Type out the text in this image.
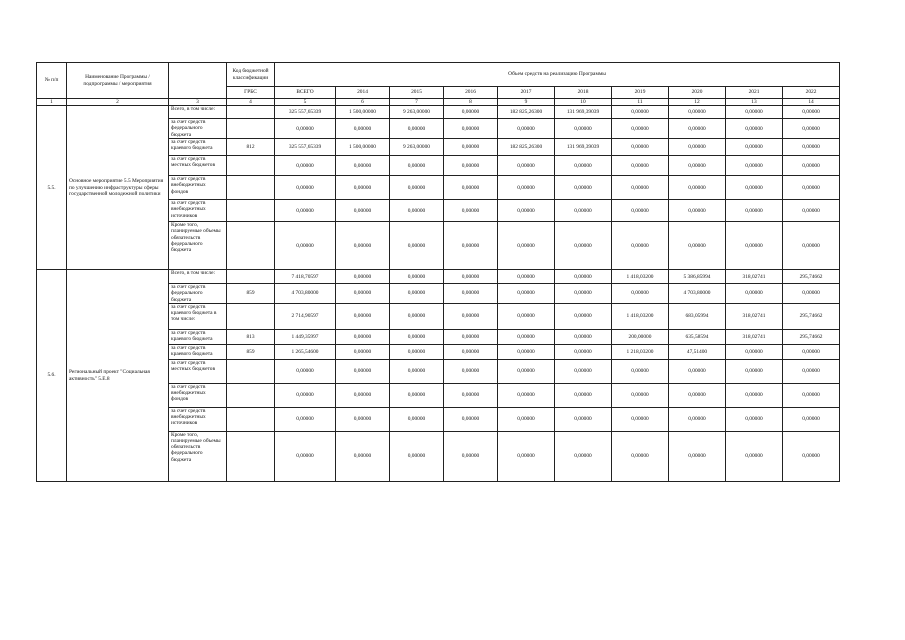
№ п/п	Наименование Программы / подпрограммы / мероприятия		Код бюджетной классификации	Объем средств на реализацию Программы									
			ГРБС	ВСЕГО	2014	2015	2016	2017	2018	2019	2020	2021	2022
1	2	3	4	5	6	7	8	9	10	11	12	13	14
5.5.	Основное мероприятие 5.5 Мероприятия по улучшению инфраструктуры сферы государственной молодежной политики	Всего, в том числе:		325 557,65339	1 500,00000	9 263,00000	0,00000	182 825,26300	131 969,39039	0,00000	0,00000	0,00000	0,00000
		за счет средств федерального бюджета		0,00000	0,00000	0,00000	0,00000	0,00000	0,00000	0,00000	0,00000	0,00000	0,00000
		за счет средств краевого бюджета	812	325 557,65339	1 500,00000	9 263,00000	0,00000	182 825,26300	131 969,39039	0,00000	0,00000	0,00000	0,00000
		за счет средств местных бюджетов		0,00000	0,00000	0,00000	0,00000	0,00000	0,00000	0,00000	0,00000	0,00000	0,00000
		за счет средств внебюджетных фондов		0,00000	0,00000	0,00000	0,00000	0,00000	0,00000	0,00000	0,00000	0,00000	0,00000
		за счет средств внебюджетных источников		0,00000	0,00000	0,00000	0,00000	0,00000	0,00000	0,00000	0,00000	0,00000	0,00000
		Кроме того, планируемые объемы обязательств федерального бюджета		0,00000	0,00000	0,00000	0,00000	0,00000	0,00000	0,00000	0,00000	0,00000	0,00000
5.6.	Региональный проект "Социальная активность" 5.Е.8	Всего, в том числе:		7 418,70597	0,00000	0,00000	0,00000	0,00000	0,00000	1 418,03200	5 386,85994	318,02741	295,74662
		за счет средств федерального бюджета	859	4 703,80000	0,00000	0,00000	0,00000	0,00000	0,00000	0,00000	4 703,80000	0,00000	0,00000
		за счет средств краевого бюджета в том числе:		2 714,90597	0,00000	0,00000	0,00000	0,00000	0,00000	1 418,03200	683,05994	318,02741	295,74662
		за счет средств краевого бюджета	813	1 449,35997	0,00000	0,00000	0,00000	0,00000	0,00000	200,00000	635,58594	318,02741	295,74662
		за счет средств краевого бюджета	859	1 265,54600	0,00000	0,00000	0,00000	0,00000	0,00000	1 218,03200	47,51400	0,00000	0,00000
		за счет средств местных бюджетов		0,00000	0,00000	0,00000	0,00000	0,00000	0,00000	0,00000	0,00000	0,00000	0,00000
		за счет средств внебюджетных фондов		0,00000	0,00000	0,00000	0,00000	0,00000	0,00000	0,00000	0,00000	0,00000	0,00000
		за счет средств внебюджетных источников		0,00000	0,00000	0,00000	0,00000	0,00000	0,00000	0,00000	0,00000	0,00000	0,00000
		Кроме того, планируемые объемы обязательств федерального бюджета		0,00000	0,00000	0,00000	0,00000	0,00000	0,00000	0,00000	0,00000	0,00000	0,00000
